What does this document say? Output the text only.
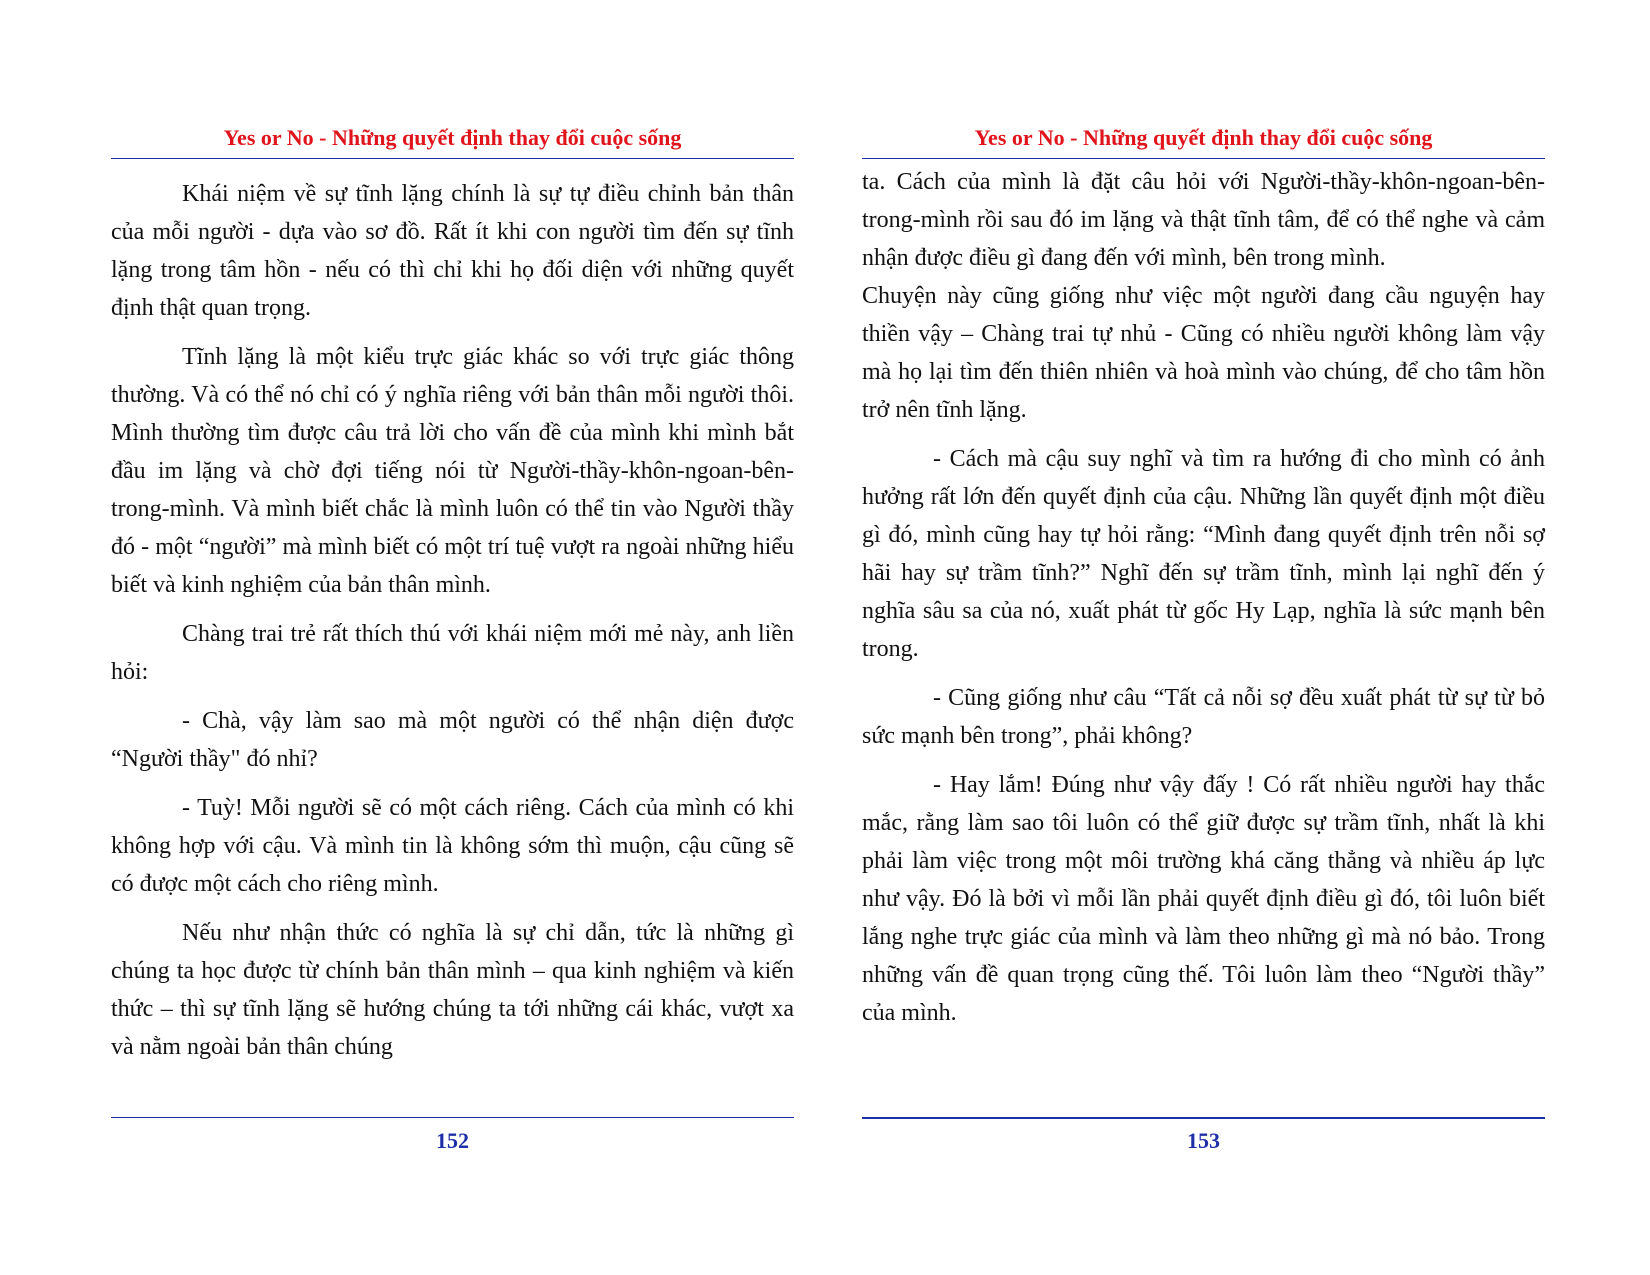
Yes or No - Những quyết định thay đổi cuộc sống

Khái niệm về sự tĩnh lặng chính là sự tự điều chỉnh bản thân của mỗi người - dựa vào sơ đồ. Rất ít khi con người tìm đến sự tĩnh lặng trong tâm hồn - nếu có thì chỉ khi họ đối diện với những quyết định thật quan trọng.

Tĩnh lặng là một kiểu trực giác khác so với trực giác thông thường. Và có thể nó chỉ có ý nghĩa riêng với bản thân mỗi người thôi. Mình thường tìm được câu trả lời cho vấn đề của mình khi mình bắt đầu im lặng và chờ đợi tiếng nói từ Người-thầy-khôn-ngoan-bên-trong-mình. Và mình biết chắc là mình luôn có thể tin vào Người thầy đó - một “người” mà mình biết có một trí tuệ vượt ra ngoài những hiểu biết và kinh nghiệm của bản thân mình.

Chàng trai trẻ rất thích thú với khái niệm mới mẻ này, anh liền hỏi:

- Chà, vậy làm sao mà một người có thể nhận diện được “Người thầy" đó nhỉ?

- Tuỳ! Mỗi người sẽ có một cách riêng. Cách của mình có khi không hợp với cậu. Và mình tin là không sớm thì muộn, cậu cũng sẽ có được một cách cho riêng mình.

Nếu như nhận thức có nghĩa là sự chỉ dẫn, tức là những gì chúng ta học được từ chính bản thân mình – qua kinh nghiệm và kiến thức – thì sự tĩnh lặng sẽ hướng chúng ta tới những cái khác, vượt xa và nằm ngoài bản thân chúng

152
Yes or No - Những quyết định thay đổi cuộc sống

ta. Cách của mình là đặt câu hỏi với Người-thầy-khôn-ngoan-bên-trong-mình rồi sau đó im lặng và thật tĩnh tâm, để có thể nghe và cảm nhận được điều gì đang đến với mình, bên trong mình.

Chuyện này cũng giống như việc một người đang cầu nguyện hay thiền vậy – Chàng trai tự nhủ - Cũng có nhiều người không làm vậy mà họ lại tìm đến thiên nhiên và hoà mình vào chúng, để cho tâm hồn trở nên tĩnh lặng.

- Cách mà cậu suy nghĩ và tìm ra hướng đi cho mình có ảnh hưởng rất lớn đến quyết định của cậu. Những lần quyết định một điều gì đó, mình cũng hay tự hỏi rằng: “Mình đang quyết định trên nỗi sợ hãi hay sự trầm tĩnh?” Nghĩ đến sự trầm tĩnh, mình lại nghĩ đến ý nghĩa sâu sa của nó, xuất phát từ gốc Hy Lạp, nghĩa là sức mạnh bên trong.

- Cũng giống như câu “Tất cả nỗi sợ đều xuất phát từ sự từ bỏ sức mạnh bên trong”, phải không?

- Hay lắm! Đúng như vậy đấy ! Có rất nhiều người hay thắc mắc, rằng làm sao tôi luôn có thể giữ được sự trầm tĩnh, nhất là khi phải làm việc trong một môi trường khá căng thẳng và nhiều áp lực như vậy. Đó là bởi vì mỗi lần phải quyết định điều gì đó, tôi luôn biết lắng nghe trực giác của mình và làm theo những gì mà nó bảo. Trong những vấn đề quan trọng cũng thế. Tôi luôn làm theo “Người thầy” của mình.

153
